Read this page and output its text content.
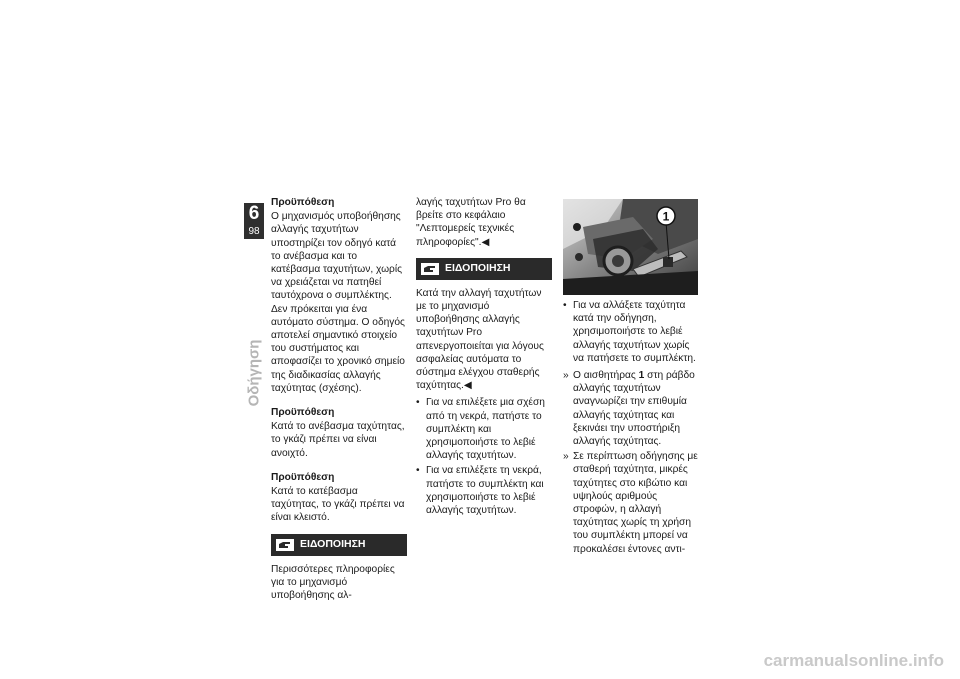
6
98
Οδήγηση
Προϋπόθεση

Ο μηχανισμός υποβοήθησης αλλαγής ταχυτήτων υποστηρίζει τον οδηγό κατά το ανέβασμα και το κατέβασμα ταχυτήτων, χωρίς να χρειάζεται να πατηθεί ταυτόχρονα ο συμπλέκτης. Δεν πρόκειται για ένα αυτόματο σύστημα. Ο οδηγός αποτελεί σημαντικό στοιχείο του συστήματος και αποφασίζει το χρονικό σημείο της διαδικασίας αλλαγής ταχύτητας (σχέσης).

Προϋπόθεση

Κατά το ανέβασμα ταχύτητας, το γκάζι πρέπει να είναι ανοιχτό.

Προϋπόθεση

Κατά το κατέβασμα ταχύτητας, το γκάζι πρέπει να είναι κλειστό.

ΕΙΔΟΠΟΙΗΣΗ

Περισσότερες πληροφορίες για το μηχανισμό υποβοήθησης αλ-

λαγής ταχυτήτων Pro θα βρείτε στο κεφάλαιο "Λεπτομερείς τεχνικές πληροφορίες".◀

ΕΙΔΟΠΟΙΗΣΗ

Κατά την αλλαγή ταχυτήτων με το μηχανισμό υποβοήθησης αλλαγής ταχυτήτων Pro απενεργοποιείται για λόγους ασφαλείας αυτόματα το σύστημα ελέγχου σταθερής ταχύτητας.◀

• Για να επιλέξετε μια σχέση από τη νεκρά, πατήστε το συμπλέκτη και χρησιμοποιήστε το λεβιέ αλλαγής ταχυτήτων.
• Για να επιλέξετε τη νεκρά, πατήστε το συμπλέκτη και χρησιμοποιήστε το λεβιέ αλλαγής ταχυτήτων.
1
• Για να αλλάξετε ταχύτητα κατά την οδήγηση, χρησιμοποιήστε το λεβιέ αλλαγής ταχυτήτων χωρίς να πατήσετε το συμπλέκτη.
» Ο αισθητήρας 1 στη ράβδο αλλαγής ταχυτήτων αναγνωρίζει την επιθυμία αλλαγής ταχύτητας και ξεκινάει την υποστήριξη αλλαγής ταχύτητας.
» Σε περίπτωση οδήγησης με σταθερή ταχύτητα, μικρές ταχύτητες στο κιβώτιο και υψηλούς αριθμούς στροφών, η αλλαγή ταχύτητας χωρίς τη χρήση του συμπλέκτη μπορεί να προκαλέσει έντονες αντι-
carmanualsonline.info
